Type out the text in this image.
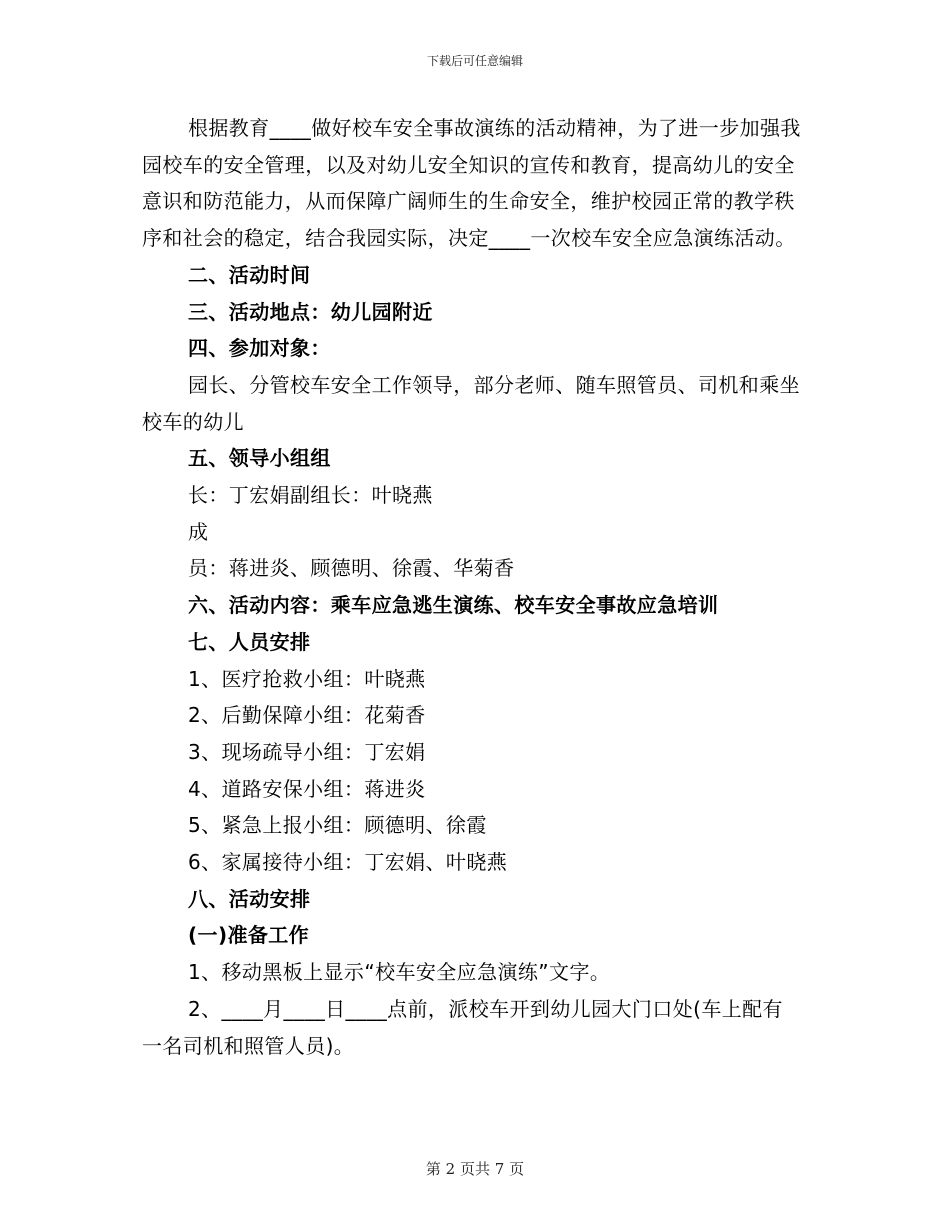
下载后可任意编辑

根据教育____做好校车安全事故演练的活动精神，为了进一步加强我园校车的安全管理，以及对幼儿安全知识的宣传和教育，提高幼儿的安全意识和防范能力，从而保障广阔师生的生命安全，维护校园正常的教学秩序和社会的稳定，结合我园实际，决定____一次校车安全应急演练活动。

二、活动时间

三、活动地点：幼儿园附近

四、参加对象：

园长、分管校车安全工作领导，部分老师、随车照管员、司机和乘坐校车的幼儿

五、领导小组组

长：丁宏娟副组长：叶晓燕

成

员：蒋进炎、顾德明、徐霞、华菊香

六、活动内容：乘车应急逃生演练、校车安全事故应急培训

七、人员安排

1、医疗抢救小组：叶晓燕

2、后勤保障小组：花菊香

3、现场疏导小组：丁宏娟

4、道路安保小组：蒋进炎

5、紧急上报小组：顾德明、徐霞

6、家属接待小组：丁宏娟、叶晓燕

八、活动安排

(一)准备工作

1、移动黑板上显示“校车安全应急演练”文字。

2、____月____日____点前，派校车开到幼儿园大门口处(车上配有一名司机和照管人员)。

第 2 页共 7 页
